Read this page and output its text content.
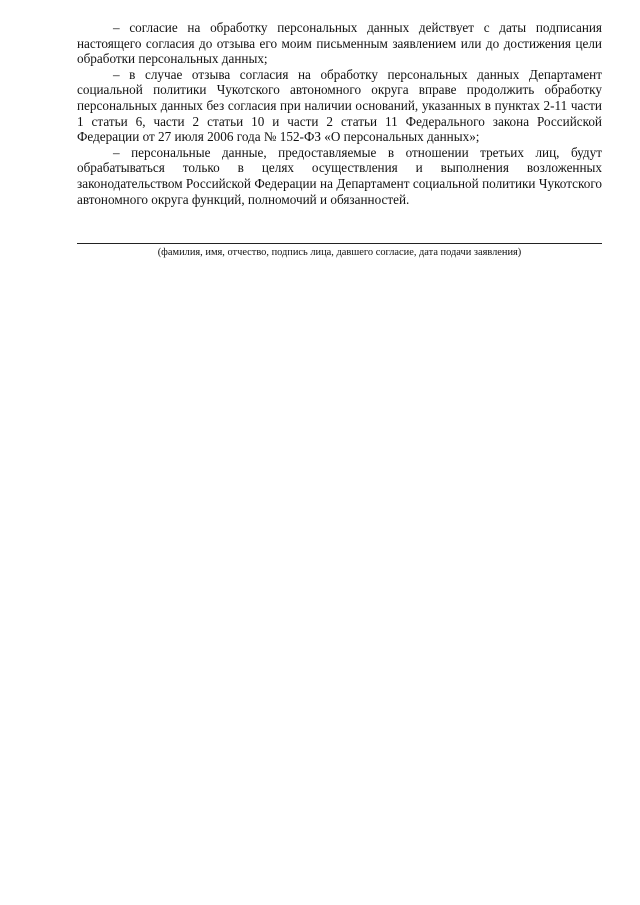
– согласие на обработку персональных данных действует с даты подписания настоящего согласия до отзыва его моим письменным заявлением или до достижения цели обработки персональных данных;

– в случае отзыва согласия на обработку персональных данных Департамент социальной политики Чукотского автономного округа вправе продолжить обработку персональных данных без согласия при наличии оснований, указанных в пунктах 2-11 части 1 статьи 6, части 2 статьи 10 и части 2 статьи 11 Федерального закона Российской Федерации от 27 июля 2006 года № 152-ФЗ «О персональных данных»;

– персональные данные, предоставляемые в отношении третьих лиц, будут обрабатываться только в целях осуществления и выполнения возложенных законодательством Российской Федерации на Департамент социальной политики Чукотского автономного округа функций, полномочий и обязанностей.

(фамилия, имя, отчество, подпись лица, давшего согласие, дата подачи заявления)
